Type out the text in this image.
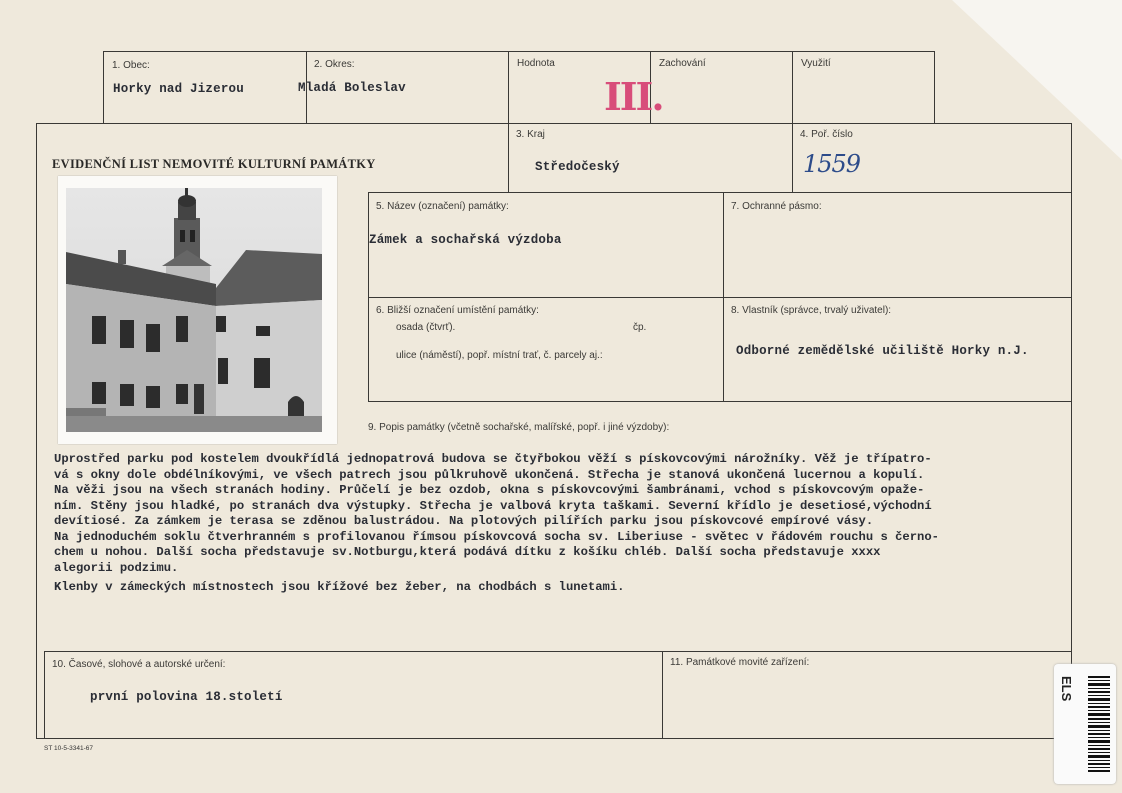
1. Obec:
Horky nad Jizerou
2. Okres:
Mladá Boleslav
Hodnota
III.
Zachování	Využití
EVIDENČNÍ LIST NEMOVITÉ KULTURNÍ PAMÁTKY
3. Kraj
Středočeský
4. Poř. číslo
1559
5. Název (označení) památky:
Zámek a sochařská výzdoba
7. Ochranné pásmo:
6. Bližší označení umístění památky:
osada (čtvrť).	čp.
ulice (náměstí), popř. místní trať, č. parcely aj.:
8. Vlastník (správce, trvalý uživatel):
Odborné zemědělské učiliště Horky n.J.
9. Popis památky (včetně sochařské, malířské, popř. i jiné výzdoby):
Uprostřed parku pod kostelem dvoukřídlá jednopatrová budova se čtyřbokou věží s pískovcovými nárožníky. Věž je třípatro-
vá s okny dole obdélníkovými, ve všech patrech jsou půlkruhově ukončená. Střecha je stanová ukončená lucernou a kopulí.
Na věži jsou na všech stranách hodiny. Průčelí je bez ozdob, okna s pískovcovými šambránami, vchod s pískovcovým opaže-
ním. Stěny jsou hladké, po stranách dva výstupky. Střecha je valbová kryta taškami. Severní křídlo je desetiosé,východní
devítiosé. Za zámkem je terasa se zděnou balustrádou. Na plotových pilířích parku jsou pískovcové empírové vásy.
Na jednoduchém soklu čtverhranném s profilovanou římsou pískovcová socha sv. Liberiuse - světec v řádovém rouchu s černo-
chem u nohou. Další socha představuje sv.Notburgu,která podává dítku z košíku chléb. Další socha představuje xxxx
alegorii podzimu.
Klenby v zámeckých místnostech jsou křížové bez žeber, na chodbách s lunetami.
10. Časové, slohové a autorské určení:
první polovina 18.století
11. Památkové movité zařízení:
ST 10-5-3341-67
ELS
